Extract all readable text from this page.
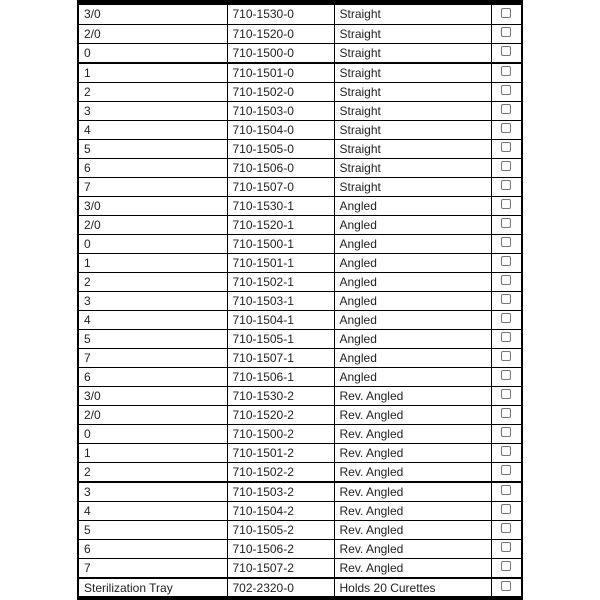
3/0	710-1530-0	Straight	
2/0	710-1520-0	Straight	
0	710-1500-0	Straight	
1	710-1501-0	Straight	
2	710-1502-0	Straight	
3	710-1503-0	Straight	
4	710-1504-0	Straight	
5	710-1505-0	Straight	
6	710-1506-0	Straight	
7	710-1507-0	Straight	
3/0	710-1530-1	Angled	
2/0	710-1520-1	Angled	
0	710-1500-1	Angled	
1	710-1501-1	Angled	
2	710-1502-1	Angled	
3	710-1503-1	Angled	
4	710-1504-1	Angled	
5	710-1505-1	Angled	
7	710-1507-1	Angled	
6	710-1506-1	Angled	
3/0	710-1530-2	Rev. Angled	
2/0	710-1520-2	Rev. Angled	
0	710-1500-2	Rev. Angled	
1	710-1501-2	Rev. Angled	
2	710-1502-2	Rev. Angled	
3	710-1503-2	Rev. Angled	
4	710-1504-2	Rev. Angled	
5	710-1505-2	Rev. Angled	
6	710-1506-2	Rev. Angled	
7	710-1507-2	Rev. Angled	
Sterilization Tray	702-2320-0	Holds 20 Curettes	
